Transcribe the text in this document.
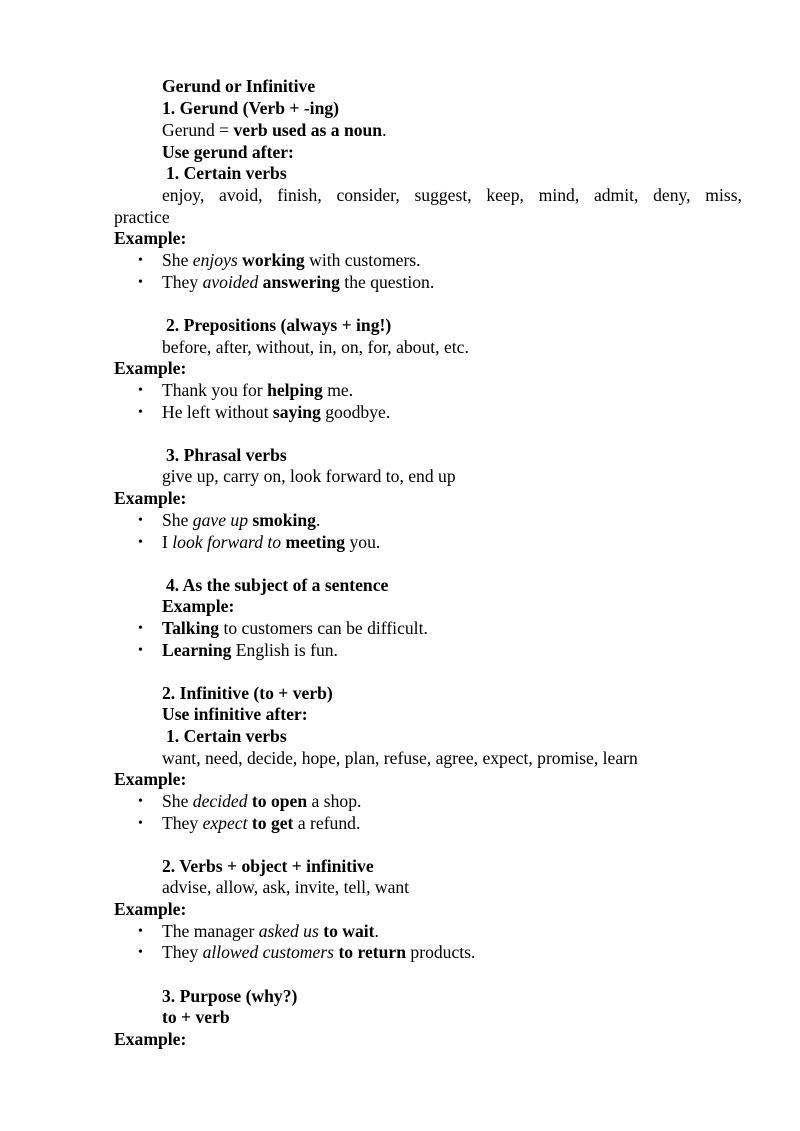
Gerund or Infinitive
1. Gerund (Verb + -ing)
Gerund = verb used as a noun.
Use gerund after:
1. Certain verbs
enjoy, avoid, finish, consider, suggest, keep, mind, admit, deny, miss,
practice
Example:
• She enjoys working with customers.
• They avoided answering the question.
2. Prepositions (always + ing!)
before, after, without, in, on, for, about, etc.
Example:
• Thank you for helping me.
• He left without saying goodbye.
3. Phrasal verbs
give up, carry on, look forward to, end up
Example:
• She gave up smoking.
• I look forward to meeting you.
4. As the subject of a sentence
Example:
• Talking to customers can be difficult.
• Learning English is fun.
2. Infinitive (to + verb)
Use infinitive after:
1. Certain verbs
want, need, decide, hope, plan, refuse, agree, expect, promise, learn
Example:
• She decided to open a shop.
• They expect to get a refund.
2. Verbs + object + infinitive
advise, allow, ask, invite, tell, want
Example:
• The manager asked us to wait.
• They allowed customers to return products.
3. Purpose (why?)
to + verb
Example:
